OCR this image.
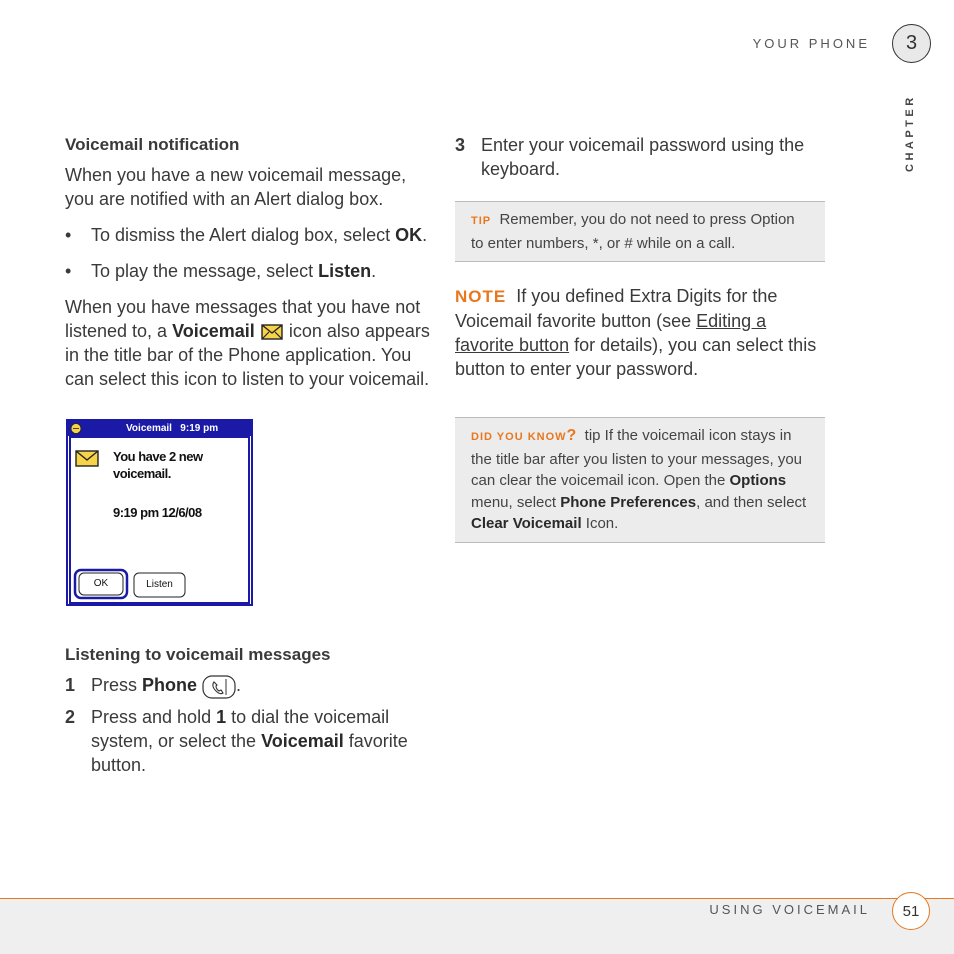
YOUR PHONE	3
CHAPTER
Voicemail notification

When you have a new voicemail message, you are notified with an Alert dialog box.

•	To dismiss the Alert dialog box, select OK.
•	To play the message, select Listen.

When you have messages that you have not listened to, a Voicemail  icon also appears in the title bar of the Phone application. You can select this icon to listen to your voicemail.

Voicemail 9:19 pm
You have 2 new
voicemail.
9:19 pm 12/6/08
OK	Listen
Listening to voicemail messages
1 Press Phone .
2 Press and hold 1 to dial the voicemail system, or select the Voicemail favorite button.
3 Enter your voicemail password using the keyboard.
TIP Remember, you do not need to press Option to enter numbers, *, or # while on a call.

NOTE If you defined Extra Digits for the Voicemail favorite button (see Editing a favorite button for details), you can select this button to enter your password.

DID YOU KNOW? tip If the voicemail icon stays in the title bar after you listen to your messages, you can clear the voicemail icon. Open the Options menu, select Phone Preferences, and then select Clear Voicemail Icon.
USING VOICEMAIL	51
